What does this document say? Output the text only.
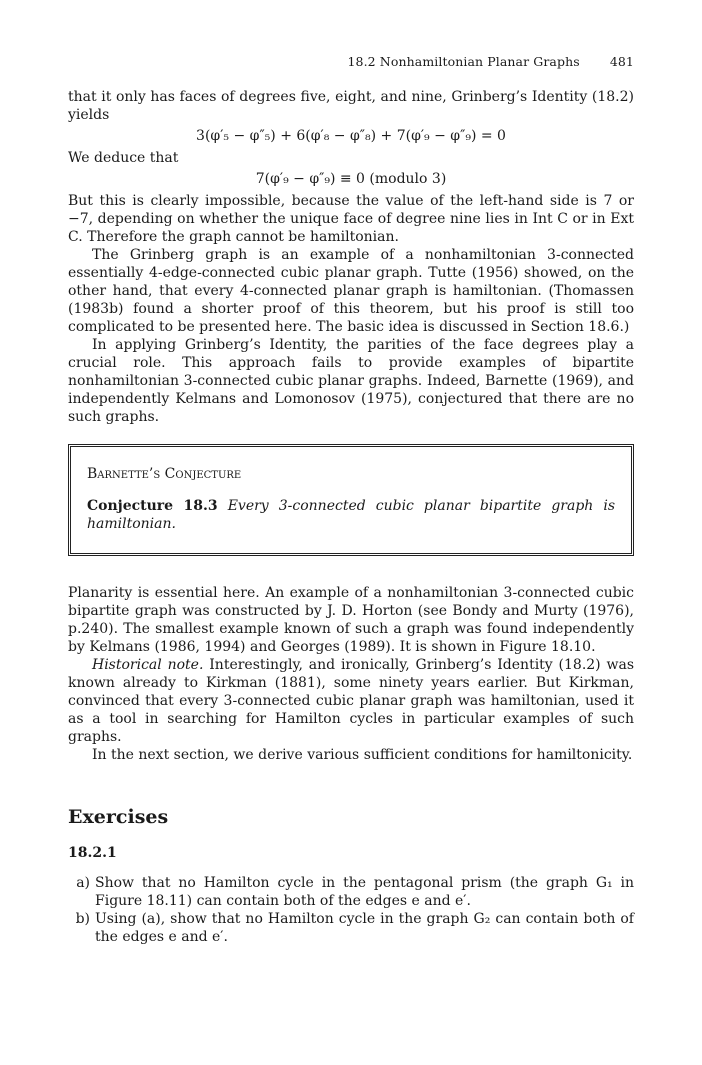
18.2 Nonhamiltonian Planar Graphs 481

that it only has faces of degrees five, eight, and nine, Grinberg’s Identity (18.2) yields

3(φ′₅ − φ″₅) + 6(φ′₈ − φ″₈) + 7(φ′₉ − φ″₉) = 0

We deduce that

7(φ′₉ − φ″₉) ≡ 0 (modulo 3)

But this is clearly impossible, because the value of the left-hand side is 7 or −7, depending on whether the unique face of degree nine lies in Int C or in Ext C. Therefore the graph cannot be hamiltonian.

The Grinberg graph is an example of a nonhamiltonian 3-connected essentially 4-edge-connected cubic planar graph. Tutte (1956) showed, on the other hand, that every 4-connected planar graph is hamiltonian. (Thomassen (1983b) found a shorter proof of this theorem, but his proof is still too complicated to be presented here. The basic idea is discussed in Section 18.6.)

In applying Grinberg’s Identity, the parities of the face degrees play a crucial role. This approach fails to provide examples of bipartite nonhamiltonian 3-connected cubic planar graphs. Indeed, Barnette (1969), and independently Kelmans and Lomonosov (1975), conjectured that there are no such graphs.

Barnette’s Conjecture

Conjecture 18.3 Every 3-connected cubic planar bipartite graph is hamiltonian.

Planarity is essential here. An example of a nonhamiltonian 3-connected cubic bipartite graph was constructed by J. D. Horton (see Bondy and Murty (1976), p.240). The smallest example known of such a graph was found independently by Kelmans (1986, 1994) and Georges (1989). It is shown in Figure 18.10.

Historical note. Interestingly, and ironically, Grinberg’s Identity (18.2) was known already to Kirkman (1881), some ninety years earlier. But Kirkman, convinced that every 3-connected cubic planar graph was hamiltonian, used it as a tool in searching for Hamilton cycles in particular examples of such graphs.

In the next section, we derive various sufficient conditions for hamiltonicity.

Exercises
18.2.1
a) Show that no Hamilton cycle in the pentagonal prism (the graph G₁ in Figure 18.11) can contain both of the edges e and e′.
b) Using (a), show that no Hamilton cycle in the graph G₂ can contain both of the edges e and e′.
